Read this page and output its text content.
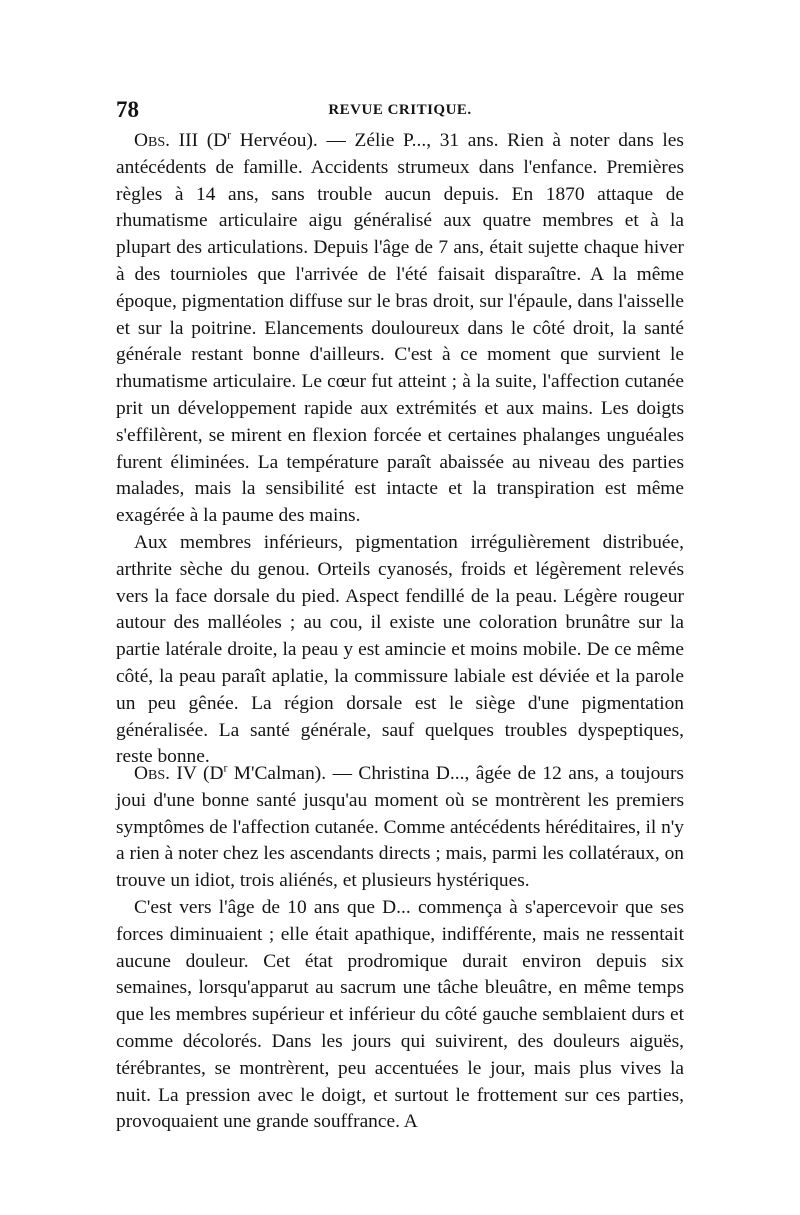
78	REVUE CRITIQUE.

Obs. III ($D^r$ Hervéou). — Zélie P..., 31 ans. Rien à noter dans les antécédents de famille. Accidents strumeux dans l'enfance. Premières règles à 14 ans, sans trouble aucun depuis. En 1870 attaque de rhumatisme articulaire aigu généralisé aux quatre membres et à la plupart des articulations. Depuis l'âge de 7 ans, était sujette chaque hiver à des tournioles que l'arrivée de l'été faisait disparaître. A la même époque, pigmentation diffuse sur le bras droit, sur l'épaule, dans l'aisselle et sur la poitrine. Elancements douloureux dans le côté droit, la santé générale restant bonne d'ailleurs. C'est à ce moment que survient le rhumatisme articulaire. Le cœur fut atteint ; à la suite, l'affection cutanée prit un développement rapide aux extrémités et aux mains. Les doigts s'effilèrent, se mirent en flexion forcée et certaines phalanges unguéales furent éliminées. La température paraît abaissée au niveau des parties malades, mais la sensibilité est intacte et la transpiration est même exagérée à la paume des mains.

Aux membres inférieurs, pigmentation irrégulièrement distribuée, arthrite sèche du genou. Orteils cyanosés, froids et légèrement relevés vers la face dorsale du pied. Aspect fendillé de la peau. Légère rougeur autour des malléoles ; au cou, il existe une coloration brunâtre sur la partie latérale droite, la peau y est amincie et moins mobile. De ce même côté, la peau paraît aplatie, la commissure labiale est déviée et la parole un peu gênée. La région dorsale est le siège d'une pigmentation généralisée. La santé générale, sauf quelques troubles dyspeptiques, reste bonne.

Obs. IV ($D^r$ M'Calman). — Christina D..., âgée de 12 ans, a toujours joui d'une bonne santé jusqu'au moment où se montrèrent les premiers symptômes de l'affection cutanée. Comme antécédents héréditaires, il n'y a rien à noter chez les ascendants directs ; mais, parmi les collatéraux, on trouve un idiot, trois aliénés, et plusieurs hystériques.

C'est vers l'âge de 10 ans que D... commença à s'apercevoir que ses forces diminuaient ; elle était apathique, indifférente, mais ne ressentait aucune douleur. Cet état prodromique durait environ depuis six semaines, lorsqu'apparut au sacrum une tâche bleuâtre, en même temps que les membres supérieur et inférieur du côté gauche semblaient durs et comme décolorés. Dans les jours qui suivirent, des douleurs aiguës, térébrantes, se montrèrent, peu accentuées le jour, mais plus vives la nuit. La pression avec le doigt, et surtout le frottement sur ces parties, provoquaient une grande souffrance. A
